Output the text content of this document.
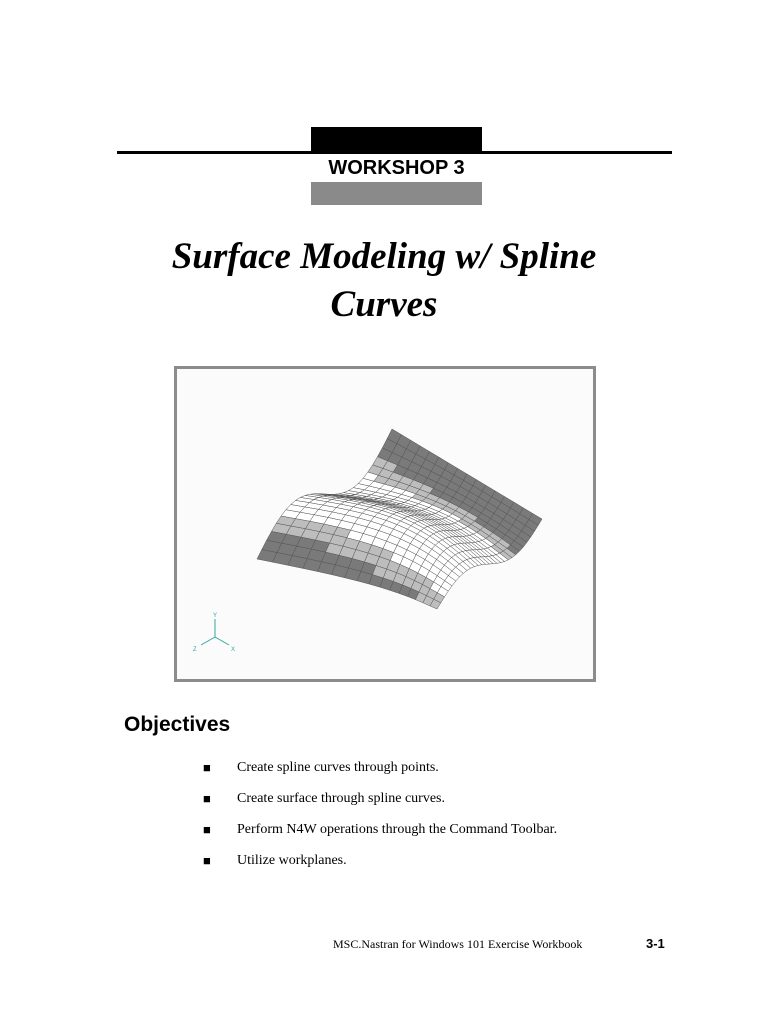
WORKSHOP 3
Surface Modeling w/ Spline
Curves
Y
Z	X
Objectives
■	Create spline curves through points.
■	Create surface through spline curves.
■	Perform N4W operations through the Command Toolbar.
■	Utilize workplanes.
MSC.Nastran for Windows 101 Exercise Workbook	3-1
